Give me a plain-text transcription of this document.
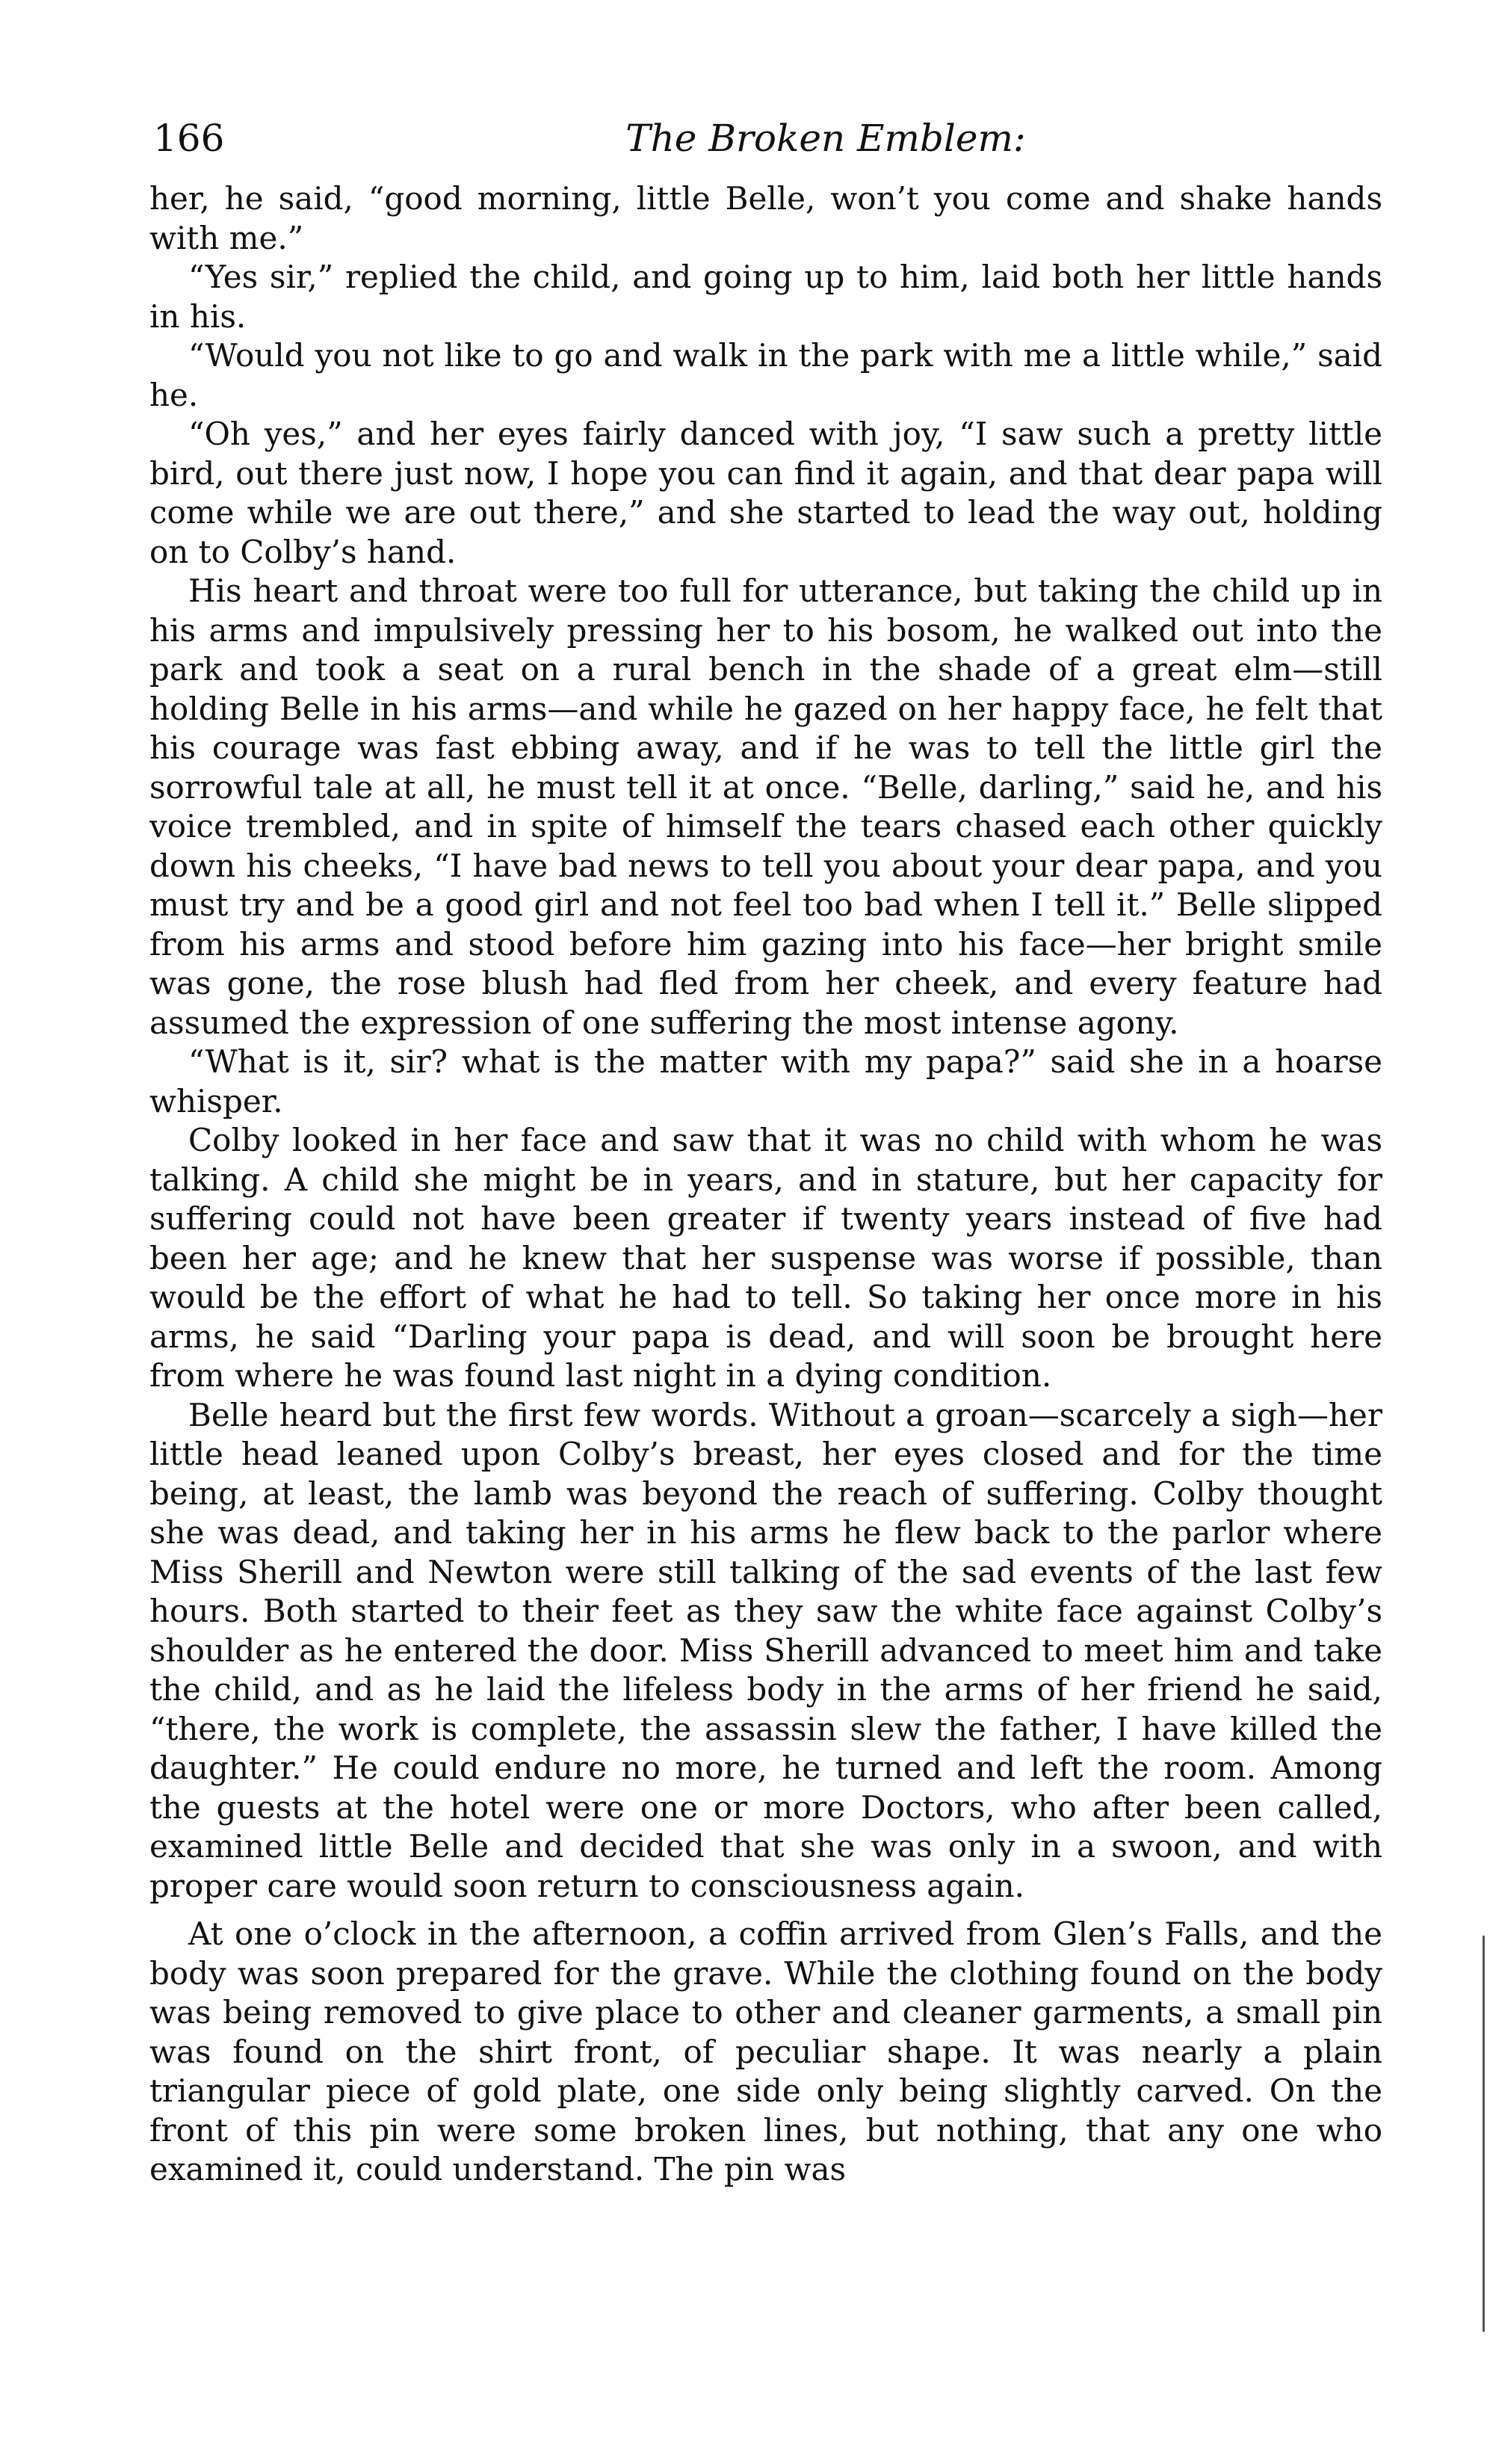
166	The Broken Emblem:

her, he said, “good morning, little Belle, won’t you come and shake hands with me.”

“Yes sir,” replied the child, and going up to him, laid both her little hands in his.

“Would you not like to go and walk in the park with me a little while,” said he.

“Oh yes,” and her eyes fairly danced with joy, “I saw such a pretty little bird, out there just now, I hope you can find it again, and that dear papa will come while we are out there,” and she started to lead the way out, holding on to Colby’s hand.

His heart and throat were too full for utterance, but taking the child up in his arms and impulsively pressing her to his bosom, he walked out into the park and took a seat on a rural bench in the shade of a great elm—still holding Belle in his arms—and while he gazed on her happy face, he felt that his courage was fast ebbing away, and if he was to tell the little girl the sorrowful tale at all, he must tell it at once. “Belle, darling,” said he, and his voice trembled, and in spite of himself the tears chased each other quickly down his cheeks, “I have bad news to tell you about your dear papa, and you must try and be a good girl and not feel too bad when I tell it.” Belle slipped from his arms and stood before him gazing into his face—her bright smile was gone, the rose blush had fled from her cheek, and every feature had assumed the expression of one suffering the most intense agony.

“What is it, sir? what is the matter with my papa?” said she in a hoarse whisper.

Colby looked in her face and saw that it was no child with whom he was talking. A child she might be in years, and in stature, but her capacity for suffering could not have been greater if twenty years instead of five had been her age; and he knew that her suspense was worse if possible, than would be the effort of what he had to tell. So taking her once more in his arms, he said “Darling your papa is dead, and will soon be brought here from where he was found last night in a dying condition.

Belle heard but the first few words. Without a groan—scarcely a sigh—her little head leaned upon Colby’s breast, her eyes closed and for the time being, at least, the lamb was beyond the reach of suffering. Colby thought she was dead, and taking her in his arms he flew back to the parlor where Miss Sherill and Newton were still talking of the sad events of the last few hours. Both started to their feet as they saw the white face against Colby’s shoulder as he entered the door. Miss Sherill advanced to meet him and take the child, and as he laid the lifeless body in the arms of her friend he said, “there, the work is complete, the assassin slew the father, I have killed the daughter.” He could endure no more, he turned and left the room. Among the guests at the hotel were one or more Doctors, who after been called, examined little Belle and decided that she was only in a swoon, and with proper care would soon return to consciousness again.

At one o’clock in the afternoon, a coffin arrived from Glen’s Falls, and the body was soon prepared for the grave. While the clothing found on the body was being removed to give place to other and cleaner garments, a small pin was found on the shirt front, of peculiar shape. It was nearly a plain triangular piece of gold plate, one side only being slightly carved. On the front of this pin were some broken lines, but nothing, that any one who examined it, could understand. The pin was
